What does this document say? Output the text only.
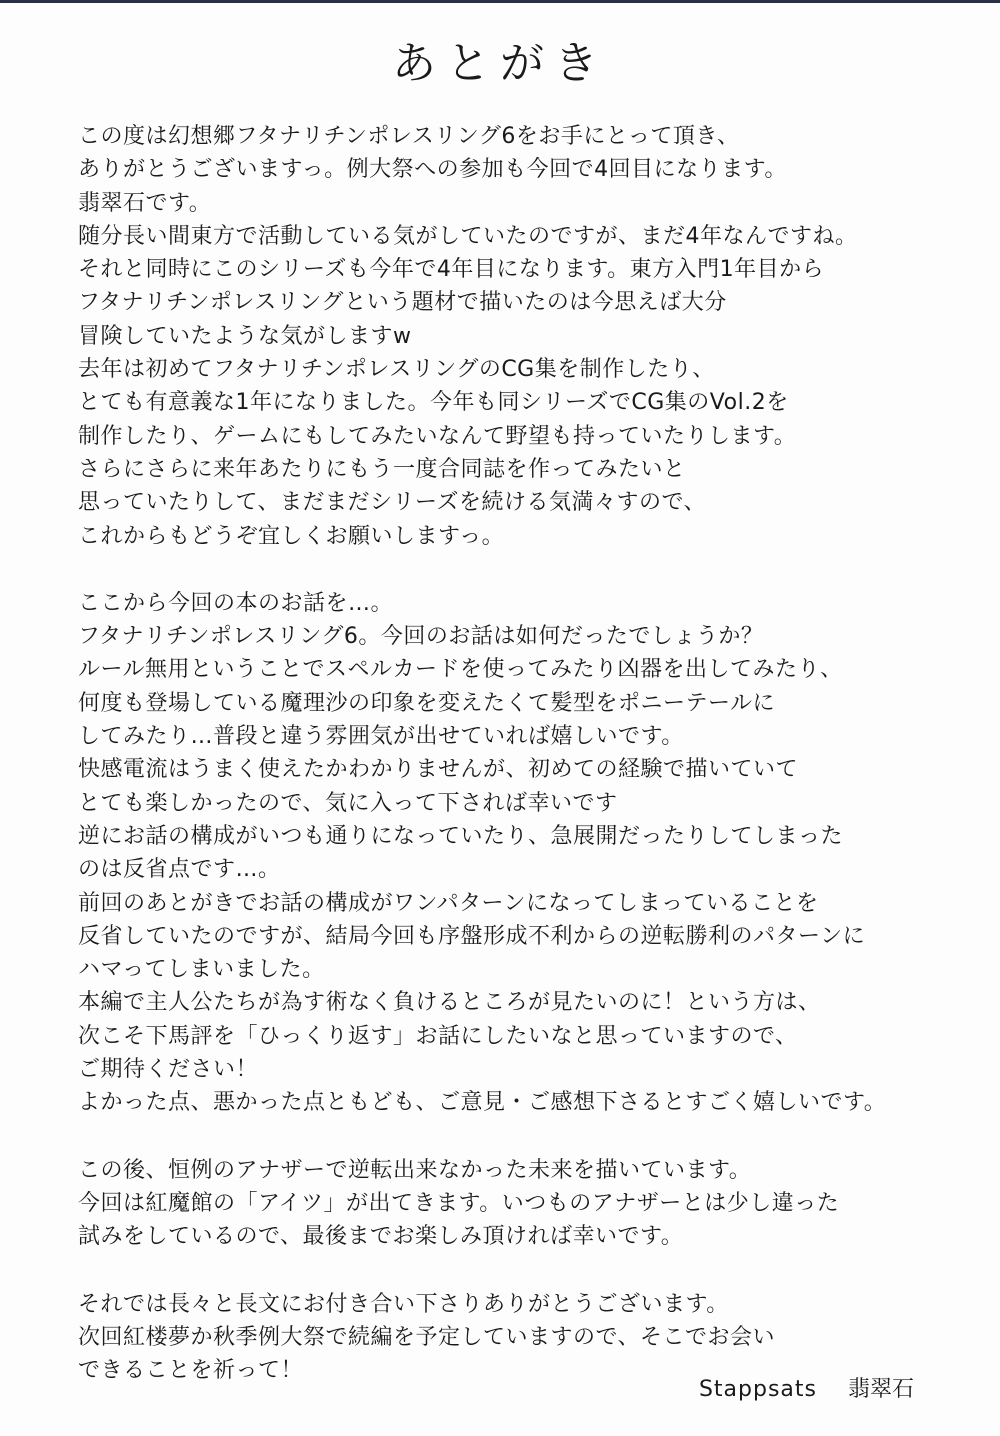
あとがき
この度は幻想郷フタナリチンポレスリング6をお手にとって頂き、
ありがとうございますっ。例大祭への参加も今回で4回目になります。
翡翠石です。
随分長い間東方で活動している気がしていたのですが、まだ4年なんですね。
それと同時にこのシリーズも今年で4年目になります。東方入門1年目から
フタナリチンポレスリングという題材で描いたのは今思えば大分
冒険していたような気がしますw
去年は初めてフタナリチンポレスリングのCG集を制作したり、
とても有意義な1年になりました。今年も同シリーズでCG集のVol.2を
制作したり、ゲームにもしてみたいなんて野望も持っていたりします。
さらにさらに来年あたりにもう一度合同誌を作ってみたいと
思っていたりして、まだまだシリーズを続ける気満々すので、
これからもどうぞ宜しくお願いしますっ。
ここから今回の本のお話を…。
フタナリチンポレスリング6。今回のお話は如何だったでしょうか？
ルール無用ということでスペルカードを使ってみたり凶器を出してみたり、
何度も登場している魔理沙の印象を変えたくて髪型をポニーテールに
してみたり…普段と違う雰囲気が出せていれば嬉しいです。
快感電流はうまく使えたかわかりませんが、初めての経験で描いていて
とても楽しかったので、気に入って下されば幸いです
逆にお話の構成がいつも通りになっていたり、急展開だったりしてしまった
のは反省点です…。
前回のあとがきでお話の構成がワンパターンになってしまっていることを
反省していたのですが、結局今回も序盤形成不利からの逆転勝利のパターンに
ハマってしまいました。
本編で主人公たちが為す術なく負けるところが見たいのに！という方は、
次こそ下馬評を「ひっくり返す」お話にしたいなと思っていますので、
ご期待ください！
よかった点、悪かった点ともども、ご意見・ご感想下さるとすごく嬉しいです。
この後、恒例のアナザーで逆転出来なかった未来を描いています。
今回は紅魔館の「アイツ」が出てきます。いつものアナザーとは少し違った
試みをしているので、最後までお楽しみ頂ければ幸いです。
それでは長々と長文にお付き合い下さりありがとうございます。
次回紅楼夢か秋季例大祭で続編を予定していますので、そこでお会い
できることを祈って！
Stappsats 翡翠石
